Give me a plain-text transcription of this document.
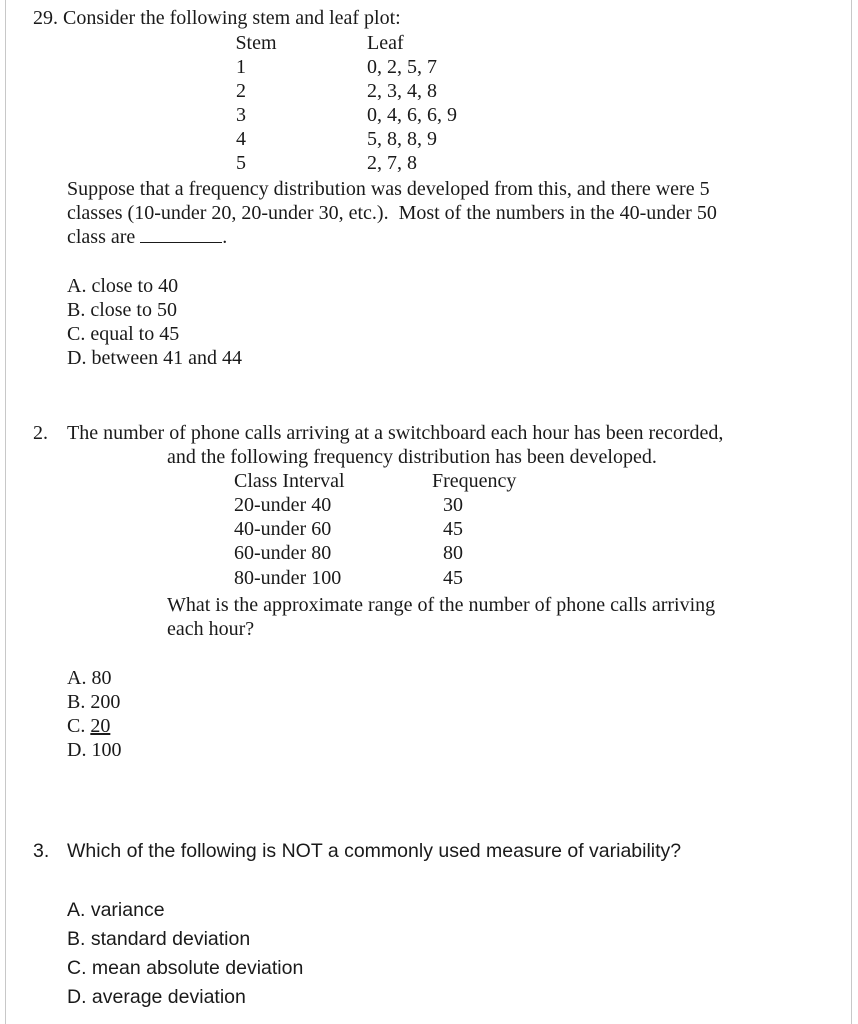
29. Consider the following stem and leaf plot:
Stem	Leaf
1	0, 2, 5, 7
2	2, 3, 4, 8
3	0, 4, 6, 6, 9
4	5, 8, 8, 9
5	2, 7, 8
Suppose that a frequency distribution was developed from this, and there were 5
classes (10-under 20, 20-under 30, etc.).  Most of the numbers in the 40-under 50
class are	.
A. close to 40
B. close to 50
C. equal to 45
D. between 41 and 44
2. The number of phone calls arriving at a switchboard each hour has been recorded,
and the following frequency distribution has been developed.
Class Interval	Frequency
20-under 40	30
40-under 60	45
60-under 80	80
80-under 100	45
What is the approximate range of the number of phone calls arriving
each hour?
A. 80
B. 200
C. 20
D. 100
3. Which of the following is NOT a commonly used measure of variability?
A. variance
B. standard deviation
C. mean absolute deviation
D. average deviation
